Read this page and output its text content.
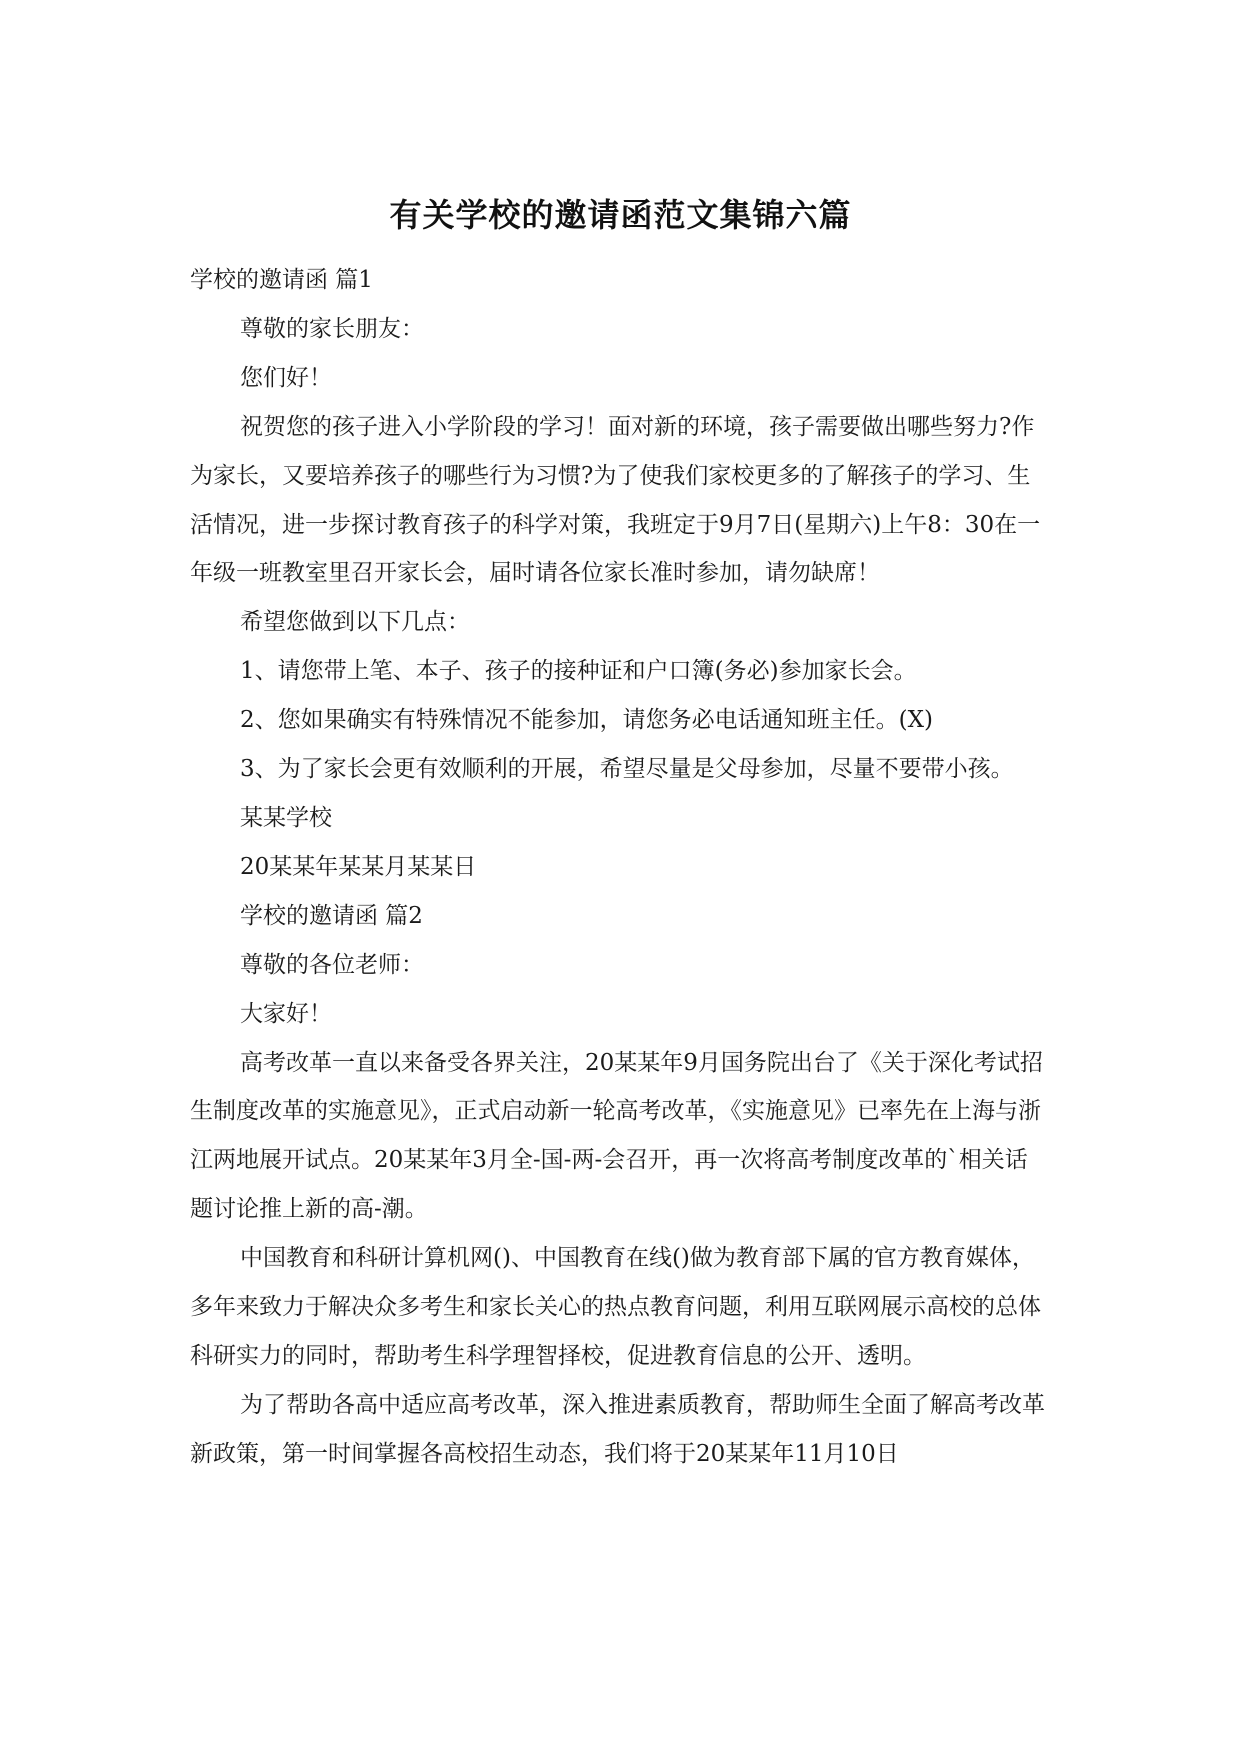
有关学校的邀请函范文集锦六篇

学校的邀请函 篇1

尊敬的家长朋友：

您们好！

祝贺您的孩子进入小学阶段的学习！面对新的环境，孩子需要做出哪些努力?作为家长，又要培养孩子的哪些行为习惯?为了使我们家校更多的了解孩子的学习、生活情况，进一步探讨教育孩子的科学对策，我班定于9月7日(星期六)上午8：30在一年级一班教室里召开家长会，届时请各位家长准时参加，请勿缺席！

希望您做到以下几点：

1、请您带上笔、本子、孩子的接种证和户口簿(务必)参加家长会。

2、您如果确实有特殊情况不能参加，请您务必电话通知班主任。(X)

3、为了家长会更有效顺利的开展，希望尽量是父母参加，尽量不要带小孩。

某某学校

20某某年某某月某某日

学校的邀请函 篇2

尊敬的各位老师：

大家好！

高考改革一直以来备受各界关注，20某某年9月国务院出台了《关于深化考试招生制度改革的实施意见》，正式启动新一轮高考改革，《实施意见》已率先在上海与浙江两地展开试点。20某某年3月全-国-两-会召开，再一次将高考制度改革的`相关话题讨论推上新的高-潮。

中国教育和科研计算机网()、中国教育在线()做为教育部下属的官方教育媒体，多年来致力于解决众多考生和家长关心的热点教育问题，利用互联网展示高校的总体科研实力的同时，帮助考生科学理智择校，促进教育信息的公开、透明。

为了帮助各高中适应高考改革，深入推进素质教育，帮助师生全面了解高考改革新政策，第一时间掌握各高校招生动态，我们将于20某某年11月10日
